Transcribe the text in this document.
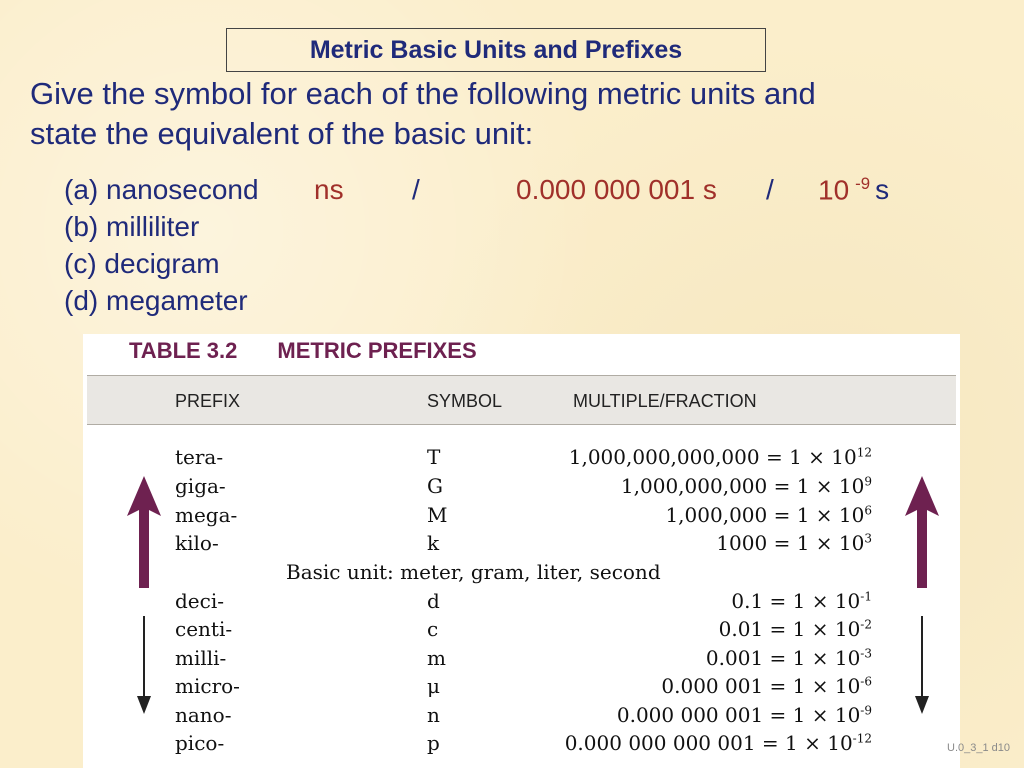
Metric Basic Units and Prefixes
Give the symbol for each of the following metric units and
state the equivalent of the basic unit:
(a) nanosecond
(b) milliliter
(c) decigram
(d) megameter
ns /	0.000 000 001 s / 10 $^{-9}$ s
TABLE 3.2 METRIC PREFIXES
PREFIX	SYMBOL	MULTIPLE/FRACTION
tera-	T	$1,000,000,000,000 = 1 \times 10^{12}$
giga-	G	$1,000,000,000 = 1 \times 10^9$
mega-	M	$1,000,000 = 1 \times 10^6$
kilo-	k	$1000 = 1 \times 10^3$
Basic unit: meter, gram, liter, second
deci-	d	$0.1 = 1 \times 10^{-1}$
centi-	c	$0.01 = 1 \times 10^{-2}$
milli-	m	$0.001 = 1 \times 10^{-3}$
micro-	μ	0.000 $001 = 1 \times 10^{-6}$
nano-	n	0.000 000 $001 = 1 \times 10^{-9}$
pico-	p	0.000 000 000 $001 = 1 \times 10^{-12}$
U.0_3_1 d10
